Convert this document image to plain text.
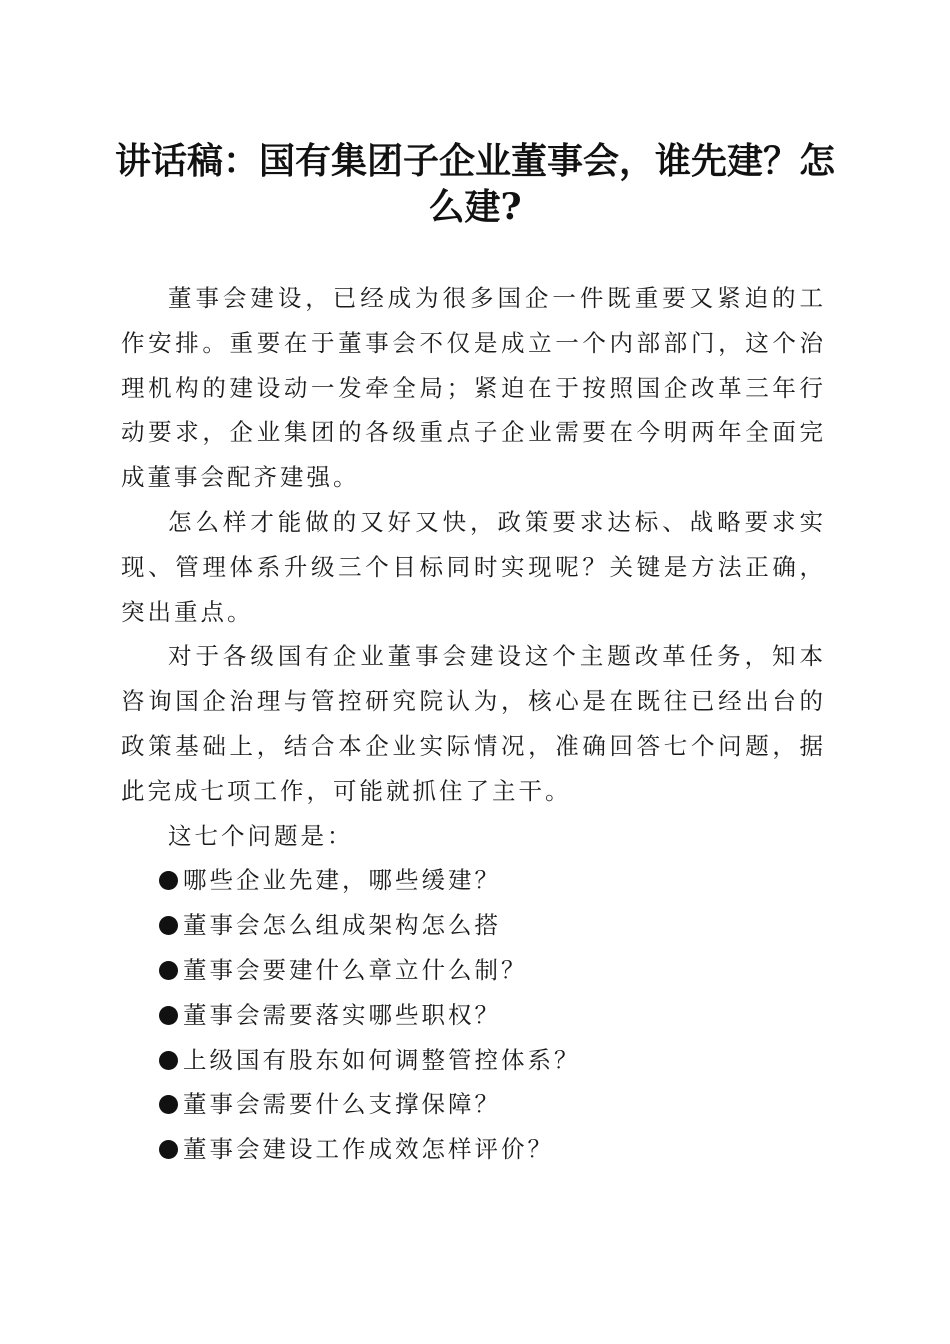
讲话稿：国有集团子企业董事会，谁先建？怎么建?

董事会建设，已经成为很多国企一件既重要又紧迫的工作安排。重要在于董事会不仅是成立一个内部部门，这个治理机构的建设动一发牵全局；紧迫在于按照国企改革三年行动要求，企业集团的各级重点子企业需要在今明两年全面完成董事会配齐建强。

怎么样才能做的又好又快，政策要求达标、战略要求实现、管理体系升级三个目标同时实现呢？关键是方法正确，突出重点。

对于各级国有企业董事会建设这个主题改革任务，知本咨询国企治理与管控研究院认为，核心是在既往已经出台的政策基础上，结合本企业实际情况，准确回答七个问题，据此完成七项工作，可能就抓住了主干。

这七个问题是：

哪些企业先建，哪些缓建？
董事会怎么组成架构怎么搭
董事会要建什么章立什么制？
董事会需要落实哪些职权？
上级国有股东如何调整管控体系？
董事会需要什么支撑保障？
董事会建设工作成效怎样评价？
